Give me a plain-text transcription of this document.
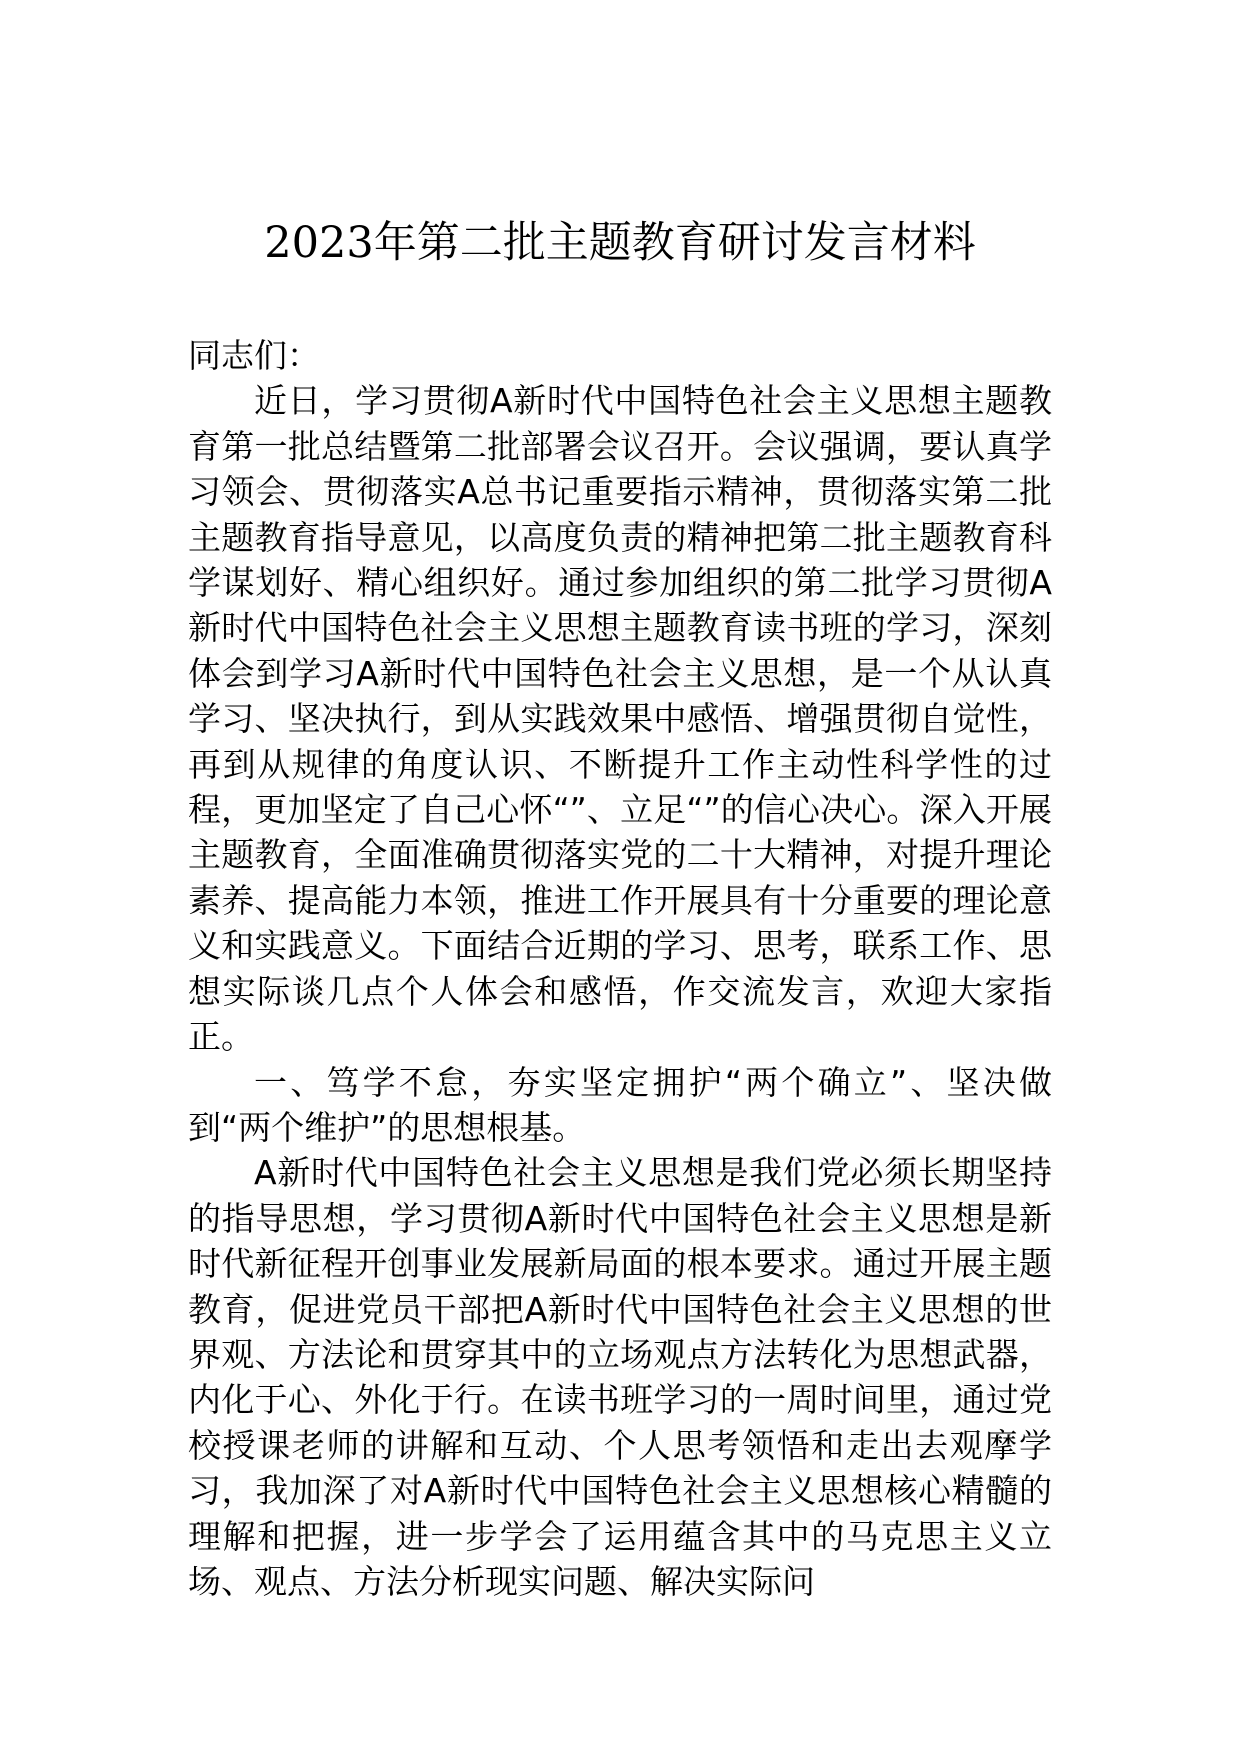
2023年第二批主题教育研讨发言材料

同志们：

近日，学习贯彻A新时代中国特色社会主义思想主题教育第一批总结暨第二批部署会议召开。会议强调，要认真学习领会、贯彻落实A总书记重要指示精神，贯彻落实第二批主题教育指导意见，以高度负责的精神把第二批主题教育科学谋划好、精心组织好。通过参加组织的第二批学习贯彻A新时代中国特色社会主义思想主题教育读书班的学习，深刻体会到学习A新时代中国特色社会主义思想，是一个从认真学习、坚决执行，到从实践效果中感悟、增强贯彻自觉性，再到从规律的角度认识、不断提升工作主动性科学性的过程，更加坚定了自己心怀“”、立足“”的信心决心。深入开展主题教育，全面准确贯彻落实党的二十大精神，对提升理论素养、提高能力本领，推进工作开展具有十分重要的理论意义和实践意义。下面结合近期的学习、思考，联系工作、思想实际谈几点个人体会和感悟，作交流发言，欢迎大家指正。

一、笃学不怠，夯实坚定拥护“两个确立”、坚决做到“两个维护”的思想根基。

A新时代中国特色社会主义思想是我们党必须长期坚持的指导思想，学习贯彻A新时代中国特色社会主义思想是新时代新征程开创事业发展新局面的根本要求。通过开展主题教育，促进党员干部把A新时代中国特色社会主义思想的世界观、方法论和贯穿其中的立场观点方法转化为思想武器，内化于心、外化于行。在读书班学习的一周时间里，通过党校授课老师的讲解和互动、个人思考领悟和走出去观摩学习，我加深了对A新时代中国特色社会主义思想核心精髓的理解和把握，进一步学会了运用蕴含其中的马克思主义立场、观点、方法分析现实问题、解决实际问
